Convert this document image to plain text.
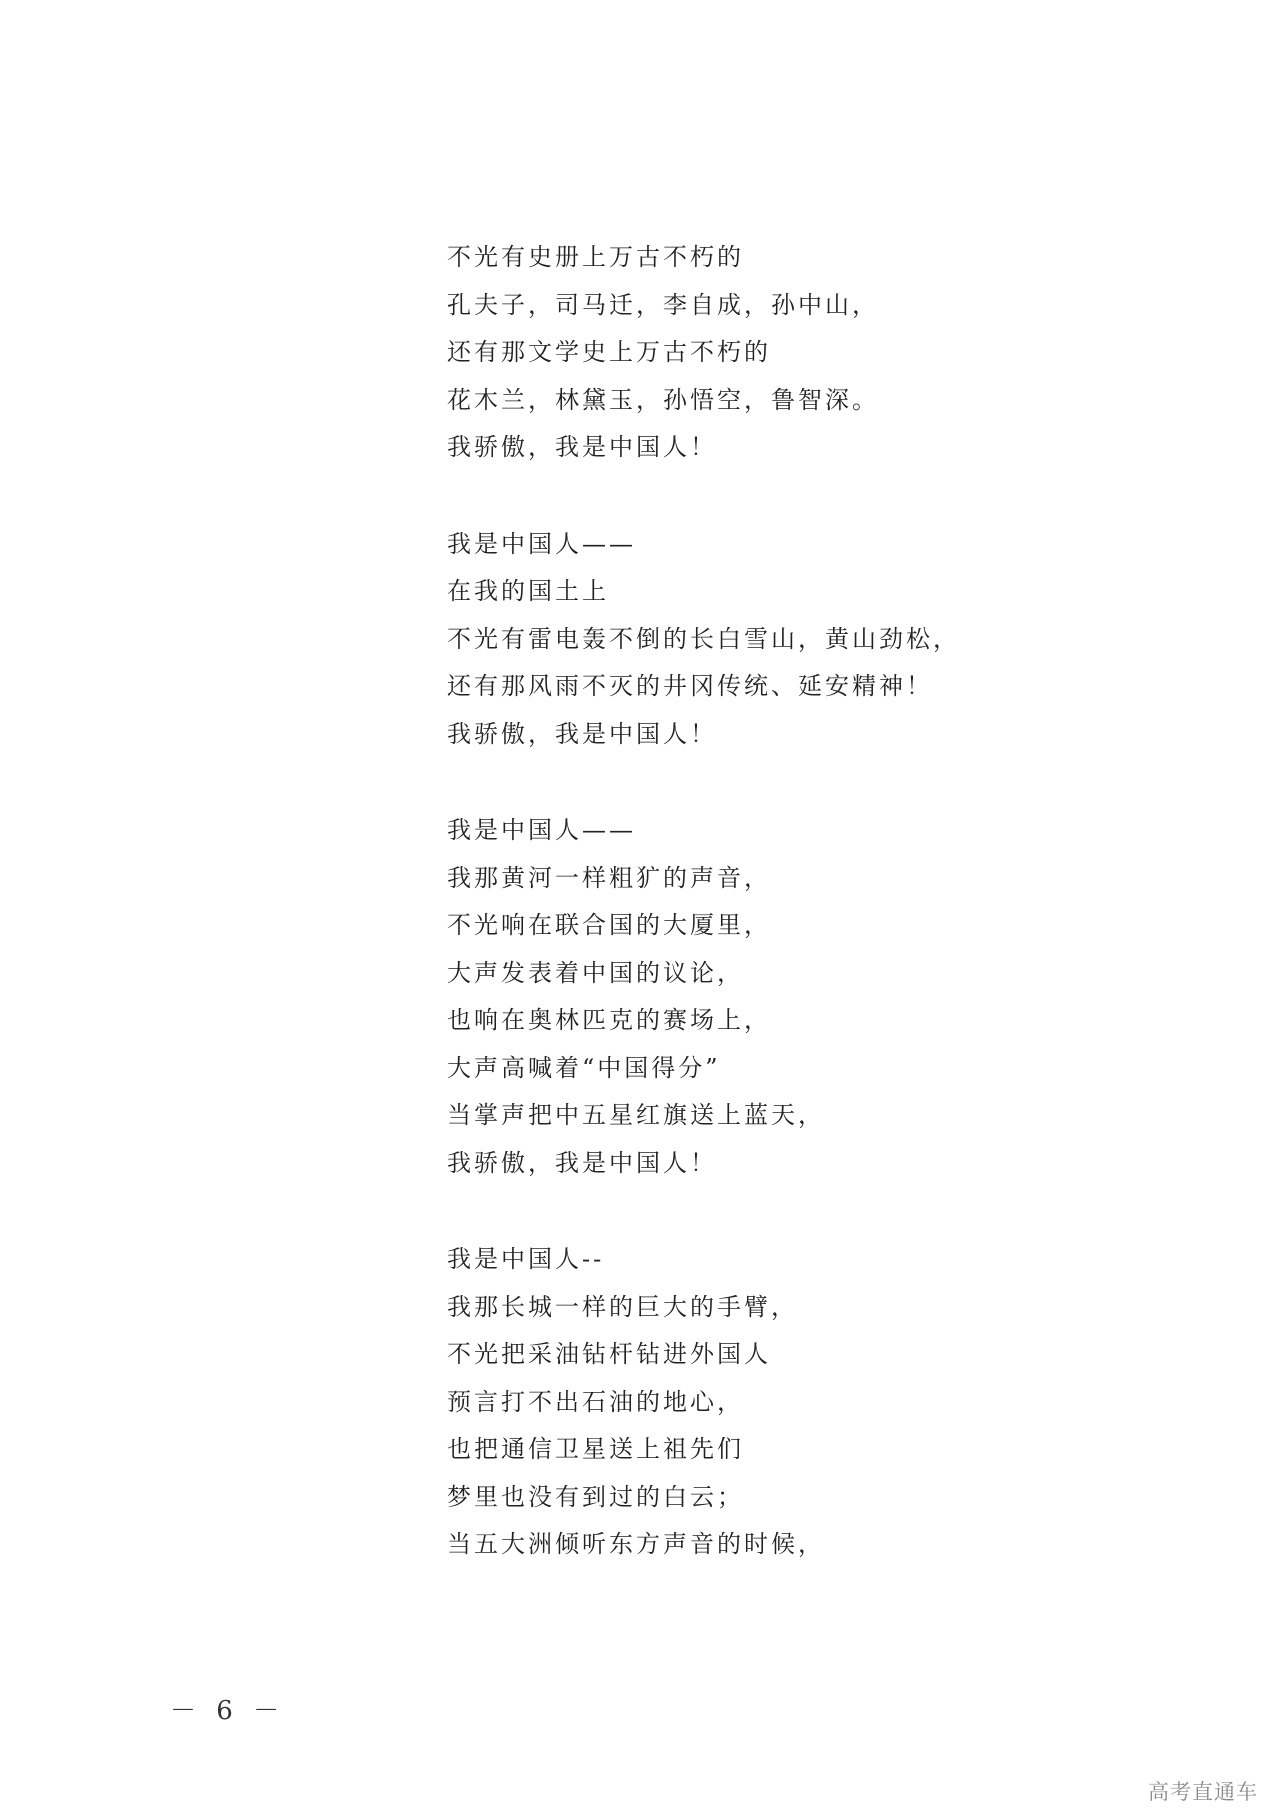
不光有史册上万古不朽的
孔夫子，司马迁，李自成，孙中山，
还有那文学史上万古不朽的
花木兰，林黛玉，孙悟空，鲁智深。
我骄傲，我是中国人！
我是中国人——
在我的国土上
不光有雷电轰不倒的长白雪山，黄山劲松，
还有那风雨不灭的井冈传统、延安精神！
我骄傲，我是中国人！
我是中国人——
我那黄河一样粗犷的声音，
不光响在联合国的大厦里，
大声发表着中国的议论，
也响在奥林匹克的赛场上，
大声高喊着“中国得分”
当掌声把中五星红旗送上蓝天，
我骄傲，我是中国人！
我是中国人--
我那长城一样的巨大的手臂，
不光把采油钻杆钻进外国人
预言打不出石油的地心，
也把通信卫星送上祖先们
梦里也没有到过的白云；
当五大洲倾听东方声音的时候，
－ 6 －
高考直通车
